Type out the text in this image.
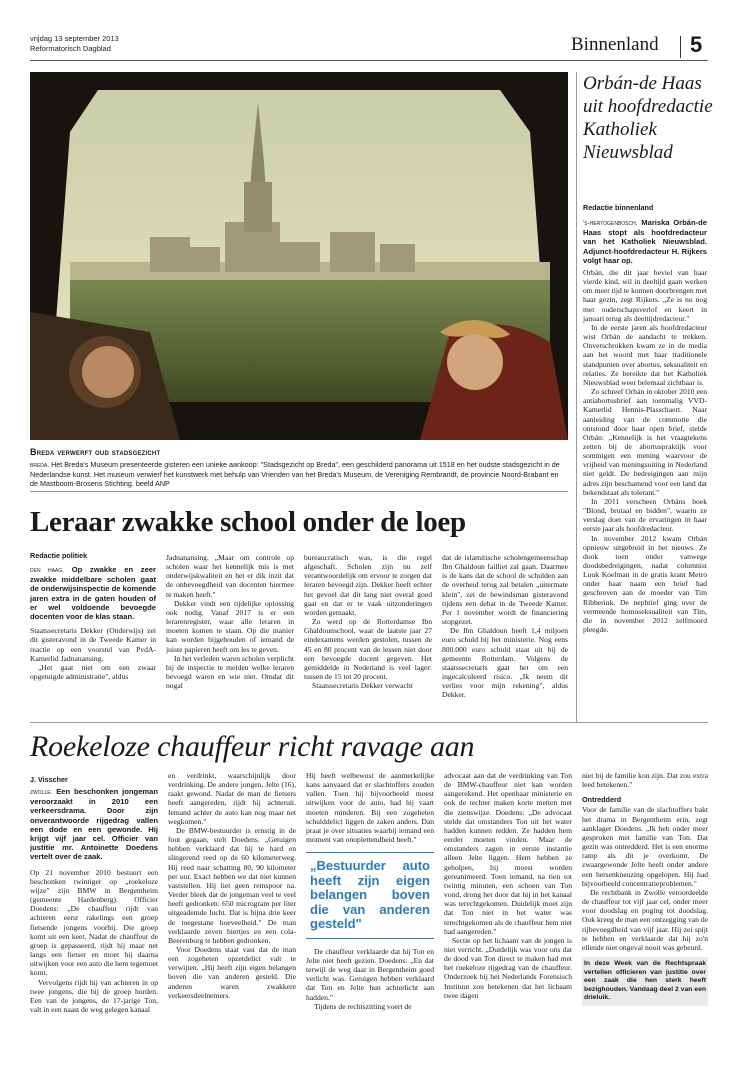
vrijdag 13 september 2013
Reformatorisch Dagblad	Binnenland 5
Breda verwerft oud stadsgezicht
breda. Het Breda's Museum presenteerde gisteren een unieke aankoop: "Stadsgezicht op Breda", een geschilderd panorama uit 1518 en het oudste stadsgezicht in de Nederlandse kunst. Het museum verwierf het kunstwerk met behulp van Vrienden van het Breda's Museum, de Vereniging Rembrandt, de provincie Noord-Brabant en de Mastboom-Brosens Stichting. beeld ANP
Orbán-de Haas uit hoofdredactie Katholiek Nieuwsblad
Redactie binnenland
's-hertogenbosch. Mariska Orbán-de Haas stopt als hoofdredacteur van het Katholiek Nieuwsblad. Adjunct-hoofdredacteur H. Rijkers volgt haar op.

Orbán, die dit jaar beviel van haar vierde kind, wil in deeltijd gaan werken om meer tijd te kunnen doorbrengen met haar gezin, zegt Rijkers. „Ze is nu nog met ouderschapsverlof en keert in januari terug als deeltijdredacteur."

In de eerste jaren als hoofdredacteur wist Orbán de aandacht te trekken. Onverschrokken kwam ze in de media aan het woord met haar traditionele standpunten over abortus, seksualiteit en relaties. Ze bereikte dat het Katholiek Nieuwsblad weer belemaal zichtbaar is.

Zo schreef Orbán in oktober 2010 een antiabortusbrief aan toenmalig VVD-Kamerlid Hennis-Plasschaert. Naar aanleiding van de commotie die ontstond door haar open brief, stelde Orbán: „Kennelijk is het vraagtekens zetten bij de abortuspraktijk voor sommigen een mening waarvoor de vrijheid van meningsuiting in Nederland niet geldt. De bedreigingen aan mijn adres zijn beschamend voor een land dat bekendstaat als tolerant."

In 2011 verscheen Orbáns boek "Blond, brutaal en bidden", waarin ze verslag doet van de ervaringen in haar eerste jaar als hoofdredacteur.

In november 2012 kwam Orbán opnieuw uitgebreid in het nieuws. Ze dook toen onder vanwege doodsbedreigingen, nadat columnist Luuk Koelman in de gratis krant Metro onder haar naam een brief had geschreven aan de moeder van Tim Ribberink. De nepbrief ging over de vermeende homoseksualiteit van Tim, die in november 2012 zelfmoord pleegde.

Leraar zwakke school onder de loep
Redactie politiek
den haag. Op zwakke en zeer zwakke middelbare scholen gaat de onderwijsinspectie de komende jaren extra in de gaten houden of er wel voldoende bevoegde docenten voor de klas staan.

Staatssecretaris Dekker (Onderwijs) zei dit gisteravond in de Tweede Kamer in reactie op een voorstel van PvdA-Kamerlid Jadnanansing.

„Het gaat niet om een zwaar opgetuigde administratie", aldus

Jadnanansing. „Maar om controle op scholen waar het kennelijk mis is met onderwijskwaliteit en het er dik inzit dat de onbevoegdheid van docenten hiermee te maken heeft."

Dekker vindt een tijdelijke oplossing ook nodig. Vanaf 2017 is er een lerarenregister, waar alle leraren in moeten komen te staan. Op die manier kan worden bijgehouden of iemand de juiste papieren heeft om les te geven.

In het verleden waren scholen verplicht bij de inspectie te melden welke leraren bevoegd waren en wie niet. Omdat dit nogal

bureaucratisch was, is die regel afgeschaft. Scholen zijn nu zelf verantwoordelijk om ervoor te zorgen dat leraren bevoegd zijn. Dekker heeft echter het gevoel dat dit lang niet overal goed gaat en dat er te vaak uitzonderingen worden gemaakt.

Zo werd op de Rotterdamse Ibn Ghaldounschool, waar de laatste jaar 27 eindexamens werden gestolen, tussen de 45 en 80 procent van de lessen niet door een bevoegde docent gegeven. Het gemiddelde in Nederland is veel lager: tussen de 15 tot 20 procent.

Staatssecretaris Dekker verwacht

dat de islamitische scholengemeenschap Ibn Ghaldoun failliet zal gaan. Daarmee is de kans dat de school de schulden aan de overheid terug zal betalen „uitermate klein", zei de bewindsman gisteravond tijdens een debat in de Tweede Kamer. Per 1 november wordt de financiering stopgezet.

De Ibn Ghaldoun heeft 1,4 miljoen euro schuld bij het ministerie. Nog eens 800.000 euro schuld staat uit bij de gemeente Rotterdam. Volgens de staatssecretaris gaat het om een ingecalculeerd risico. „Ik neem dit verlies voor mijn rekening", aldus Dekker.

Roekeloze chauffeur richt ravage aan
J. Visscher
zwolle. Een beschonken jongeman veroorzaakt in 2010 een verkeersdrama. Door zijn onverantwoorde rijgedrag vallen een dode en een gewonde. Hij krijgt vijf jaar cel. Officier van justitie mr. Antoinette Doedens vertelt over de zaak.

Op 21 november 2010 bestuurt een beschonken twintiger op „roekeloze wijze" zijn BMW in Bergentheim (gemeente Hardenberg). Officier Doedens: „De chauffeur rijdt van achteren eerst rakelings een groep fietsende jongens voorbij. Die groep komt uit een keet. Nadat de chauffeur de groep is gepasseerd, rijdt hij maar net langs een fietser en moet hij daarna uitwijken voor een auto die hem tegemoet komt.

Vervolgens rijdt hij van achteren in op twee jongens, die bij de groep horden. Een van de jongens, de 17-jarige Ton, valt in een naast de weg gelegen kanaal

en verdrinkt, waarschijnlijk door verdrinking. De andere jongen, Jelte (16), raakt gewond. Nadat de man de fietsers heeft aangereden, rijdt hij achteruit. Iemand achter de auto kan nog maar net wegkomen."

De BMW-bestuurder is ernstig in de fout gegaan, stelt Doedens. „Getuigen hebben verklaard dat hij te hard en slingerend reed op de 60 kilometerweg. Hij reed naar schatting 80, 90 kilometer per uur. Exact hebben we dat niet kunnen vaststellen. Hij liet geen remspoor na. Verder bleek dat de jongeman veel te veel heeft gedronken: 650 microgram per liter uitgeademde lucht. Dat is bijna drie keer de toegestane hoeveelheid." De man verklaarde zeven biertjes en een cola-Beerenburg te hebben gedronken.

Voor Doedens staat vast dat de man een zogeheten opzetdelict valt te verwijten. „Hij heeft zijn eigen belangen boven die van anderen gesteld. Die anderen waren zwakkere verkeersdeelnemers.

Hij heeft welbewust de aanmerkelijke kans aanvaard dat er slachtoffers zouden vallen. Toen hij bijvoorbeeld moest uitwijken voor de auto, had hij vaart moeten minderen. Bij een zogeheten schulddelict liggen de zaken anders. Dan praat je over situaties waarbij iemand een moment van onoplettendheid heeft."

„Bestuurder auto heeft zijn eigen belangen boven die van anderen gesteld"

De chauffeur verklaarde dat hij Ton en Jelte niet heeft gezien. Doedens: „En dat terwijl de weg daar in Bergentheim goed verlicht was. Getuigen hebben verklaard dat Ton en Jelte hun achterlicht aan hadden."

Tijdens de rechtszitting voert de

advocaat aan dat de verdrinking van Ton de BMW-chauffeur niet kan worden aangerekend. Het openbaar ministerie en ook de rechter maken korte metten met die zienswijze. Doedens: „De advocaat stelde dat omstanders Ton uit het water hadden kunnen redden. Ze hadden hem eerder moeten vinden. Maar de omstanders zagen in eerste instantie alleen Jelte liggen. Hem hebben ze geholpen, hij moest worden gereanimeerd. Toen iemand, na tien tot twintig minuten, een schoen van Ton vond, drong het door dat hij in het kanaal was terechtgekomen. Duidelijk moet zijn dat Ton niet in het water was terechtgekomen als de chauffeur hem niet had aangereden."

Sectie op het lichaam van de jongen is niet verricht. „Duidelijk was voor ons dat de dood van Ton direct te maken had met het roekeloze rijgedrag van de chauffeur. Onderzoek bij het Nederlands Forensisch Instituut zou betekenen dat het lichaam twee dagen

niet bij de familie kon zijn. Dat zou extra leed betekenen."

Ontredderd

Voor de familie van de slachtoffers bakt het drama in Bergentheim erin, zegt aanklager Doedens. „Ik heb onder meer gesproken met familie van Ton. Dat gezin was ontredderd. Het is een enorme ramp als dit je overkomt. De zwaargewonde Jelte heeft onder andere een hersenkneuzing opgelopen. Hij had bijvoorbeeld concentratieproblemen."

De rechtbank in Zwolle veroordeelde de chauffeur tot vijf jaar cel, onder meer voor doodslag en poging tot doodslag. Ook kreeg de man een ontzegging van de rijbevoegdheid van vijf jaar. Hij zei spijt te hebben en verklaarde dat hij zo'n ellende niet ongeval nooit was gebeurd.

In deze Week van de Rechtspraak vertellen officieren van justitie over een zaak die hen sterk heeft bezighouden. Vandaag deel 2 van een drieluik.
